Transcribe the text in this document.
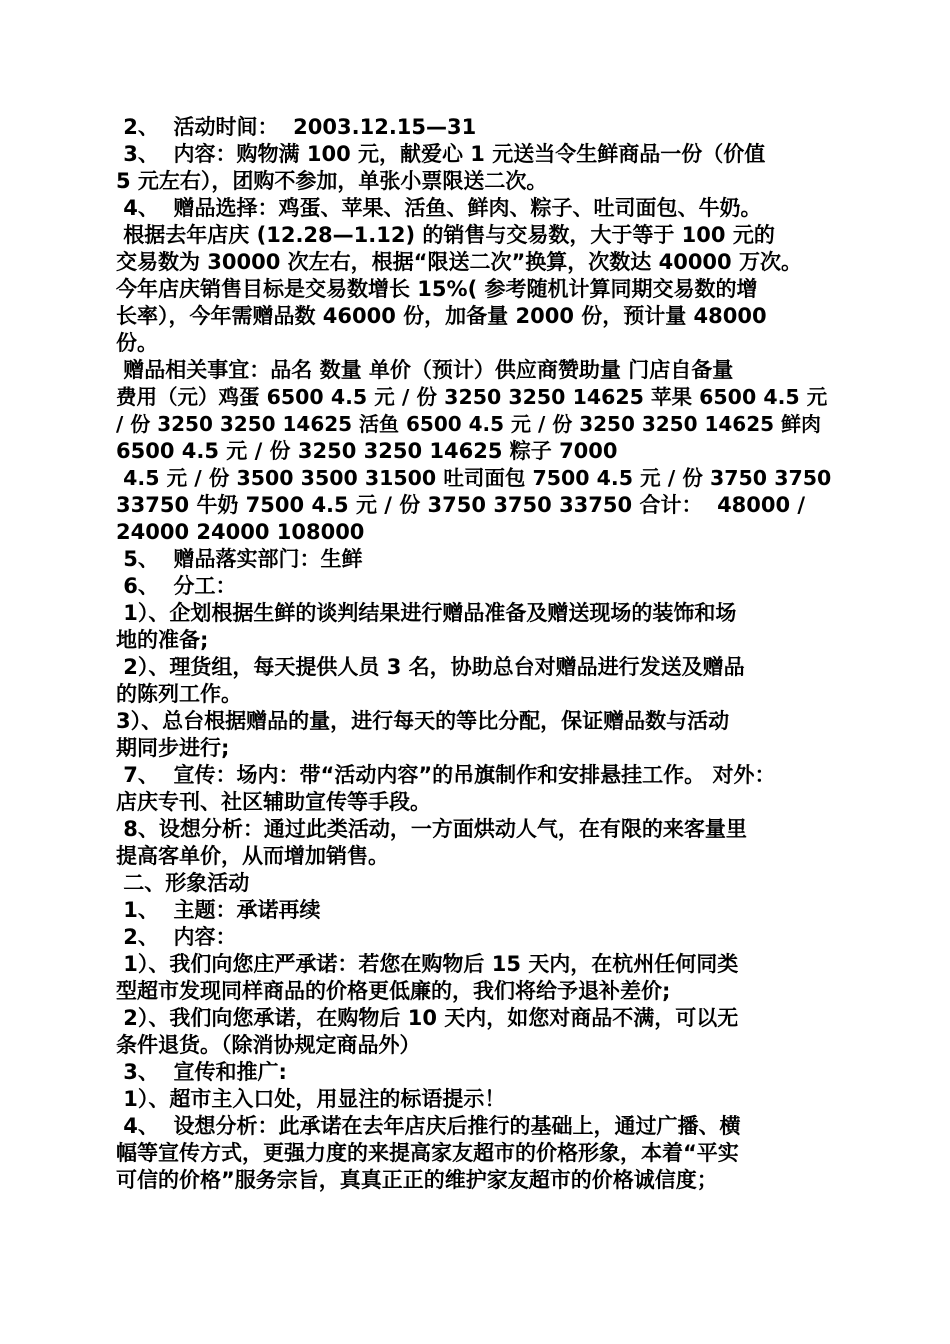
2、  活动时间：  2003.12.15—31
3、  内容：购物满 100 元，献爱心 1 元送当令生鲜商品一份（价值
5 元左右），团购不参加，单张小票限送二次。
4、  赠品选择：鸡蛋、苹果、活鱼、鲜肉、粽子、吐司面包、牛奶。
根据去年店庆 (12.28—1.12) 的销售与交易数，大于等于 100 元的
交易数为 30000 次左右，根据“限送二次”换算，次数达 40000 万次。
今年店庆销售目标是交易数增长 15%( 参考随机计算同期交易数的增
长率），今年需赠品数 46000 份，加备量 2000 份，预计量 48000
份。
赠品相关事宜：品名 数量 单价（预计）供应商赞助量 门店自备量
费用（元）鸡蛋 6500 4.5 元 / 份 3250 3250 14625 苹果 6500 4.5 元
/ 份 3250 3250 14625 活鱼 6500 4.5 元 / 份 3250 3250 14625 鲜肉
6500 4.5 元 / 份 3250 3250 14625 粽子 7000
4.5 元 / 份 3500 3500 31500 吐司面包 7500 4.5 元 / 份 3750 3750
33750 牛奶 7500 4.5 元 / 份 3750 3750 33750 合计：  48000 /
24000 24000 108000
5、  赠品落实部门：生鲜
6、  分工：
1）、企划根据生鲜的谈判结果进行赠品准备及赠送现场的装饰和场
地的准备;
2）、理货组，每天提供人员 3 名，协助总台对赠品进行发送及赠品
的陈列工作。
3）、总台根据赠品的量，进行每天的等比分配，保证赠品数与活动
期同步进行;
7、  宣传：场内：带“活动内容”的吊旗制作和安排悬挂工作。 对外：
店庆专刊、社区辅助宣传等手段。
8、设想分析：通过此类活动，一方面烘动人气，在有限的来客量里
提高客单价，从而增加销售。
二、形象活动
1、  主题：承诺再续
2、  内容：
1）、我们向您庄严承诺：若您在购物后 15 天内，在杭州任何同类
型超市发现同样商品的价格更低廉的，我们将给予退补差价;
2）、我们向您承诺，在购物后 10 天内，如您对商品不满，可以无
条件退货。（除消协规定商品外）
3、  宣传和推广:
1）、超市主入口处，用显注的标语提示！
4、  设想分析：此承诺在去年店庆后推行的基础上，通过广播、横
幅等宣传方式，更强力度的来提高家友超市的价格形象，本着“平实
可信的价格”服务宗旨，真真正正的维护家友超市的价格诚信度；
